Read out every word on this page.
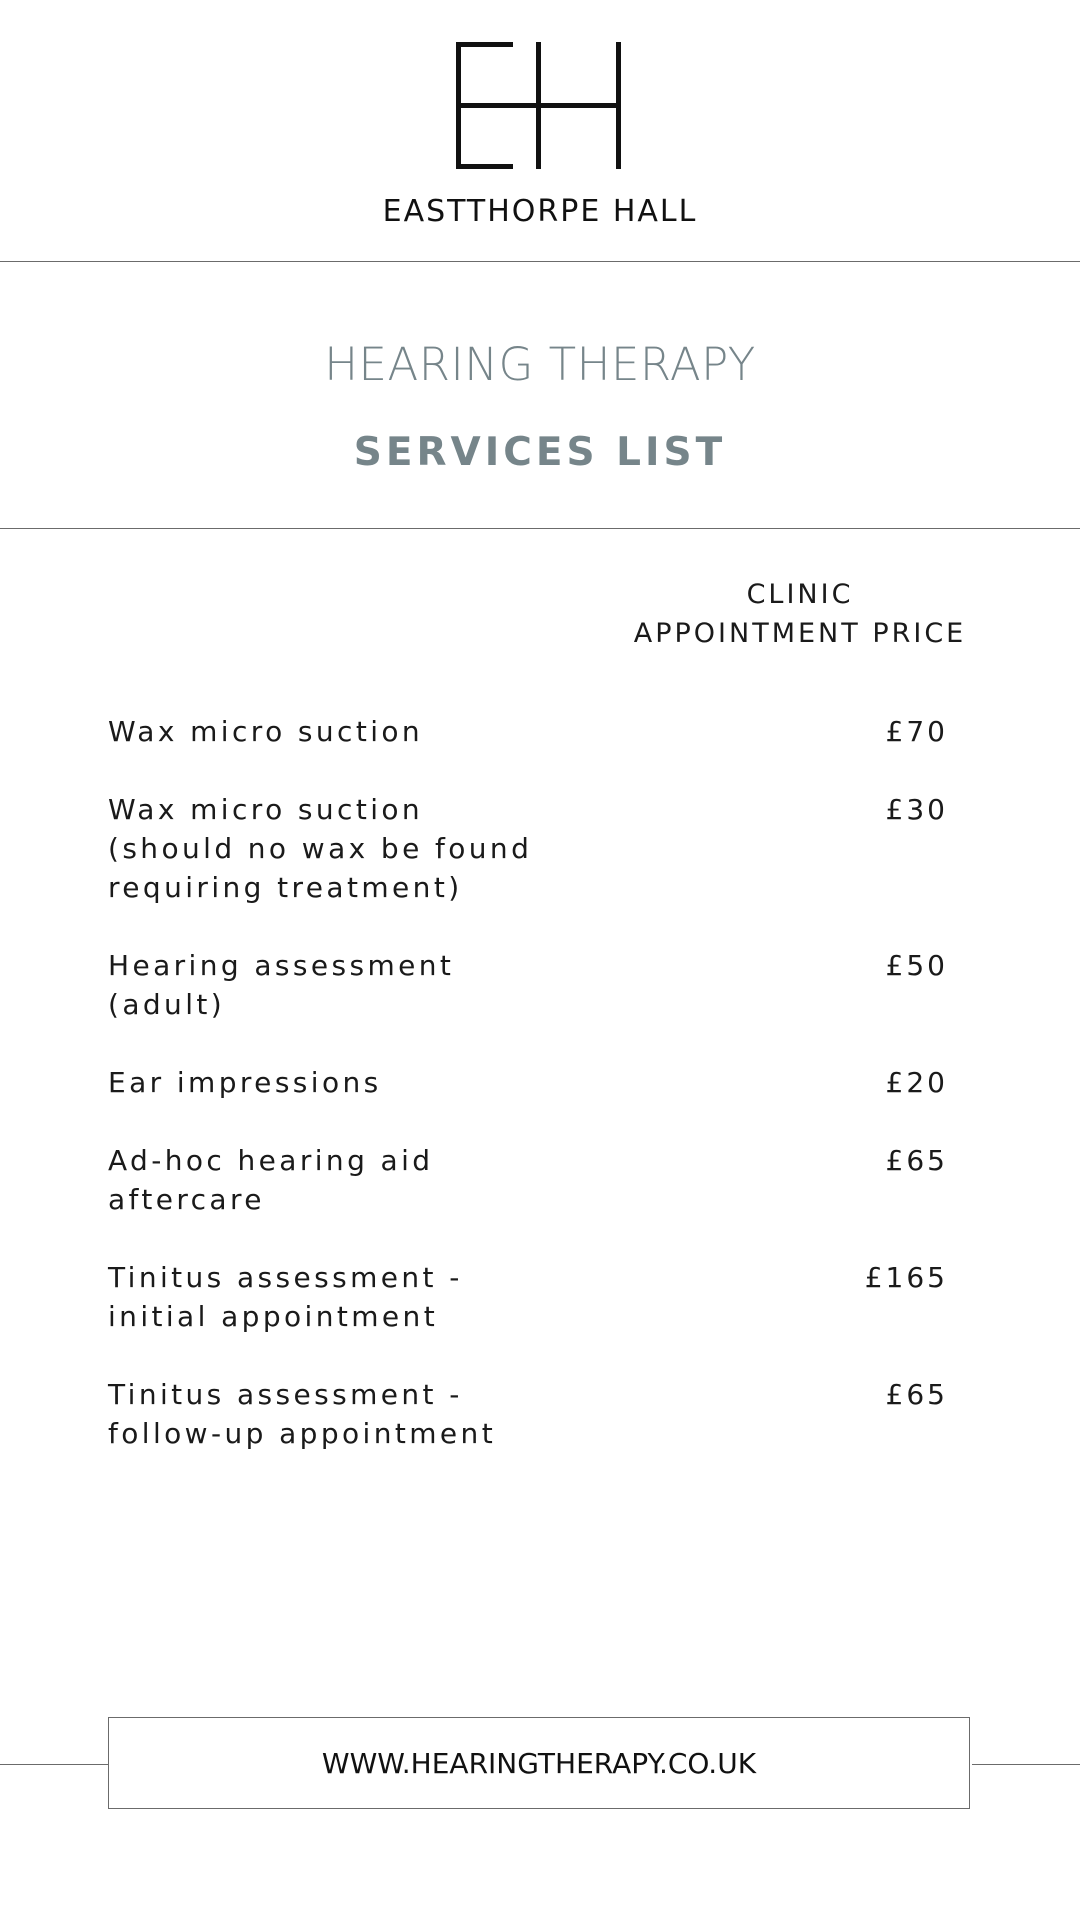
EASTTHORPE HALL
HEARING THERAPY
SERVICES LIST
CLINIC
APPOINTMENT PRICE
Wax micro suction	£70
Wax micro suction
(should no wax be found
requiring treatment)
£30
Hearing assessment
(adult)
£50
Ear impressions	£20
Ad-hoc hearing aid
aftercare
£65
Tinitus assessment -
initial appointment
£165
Tinitus assessment -
follow-up appointment
£65
WWW.HEARINGTHERAPY.CO.UK
